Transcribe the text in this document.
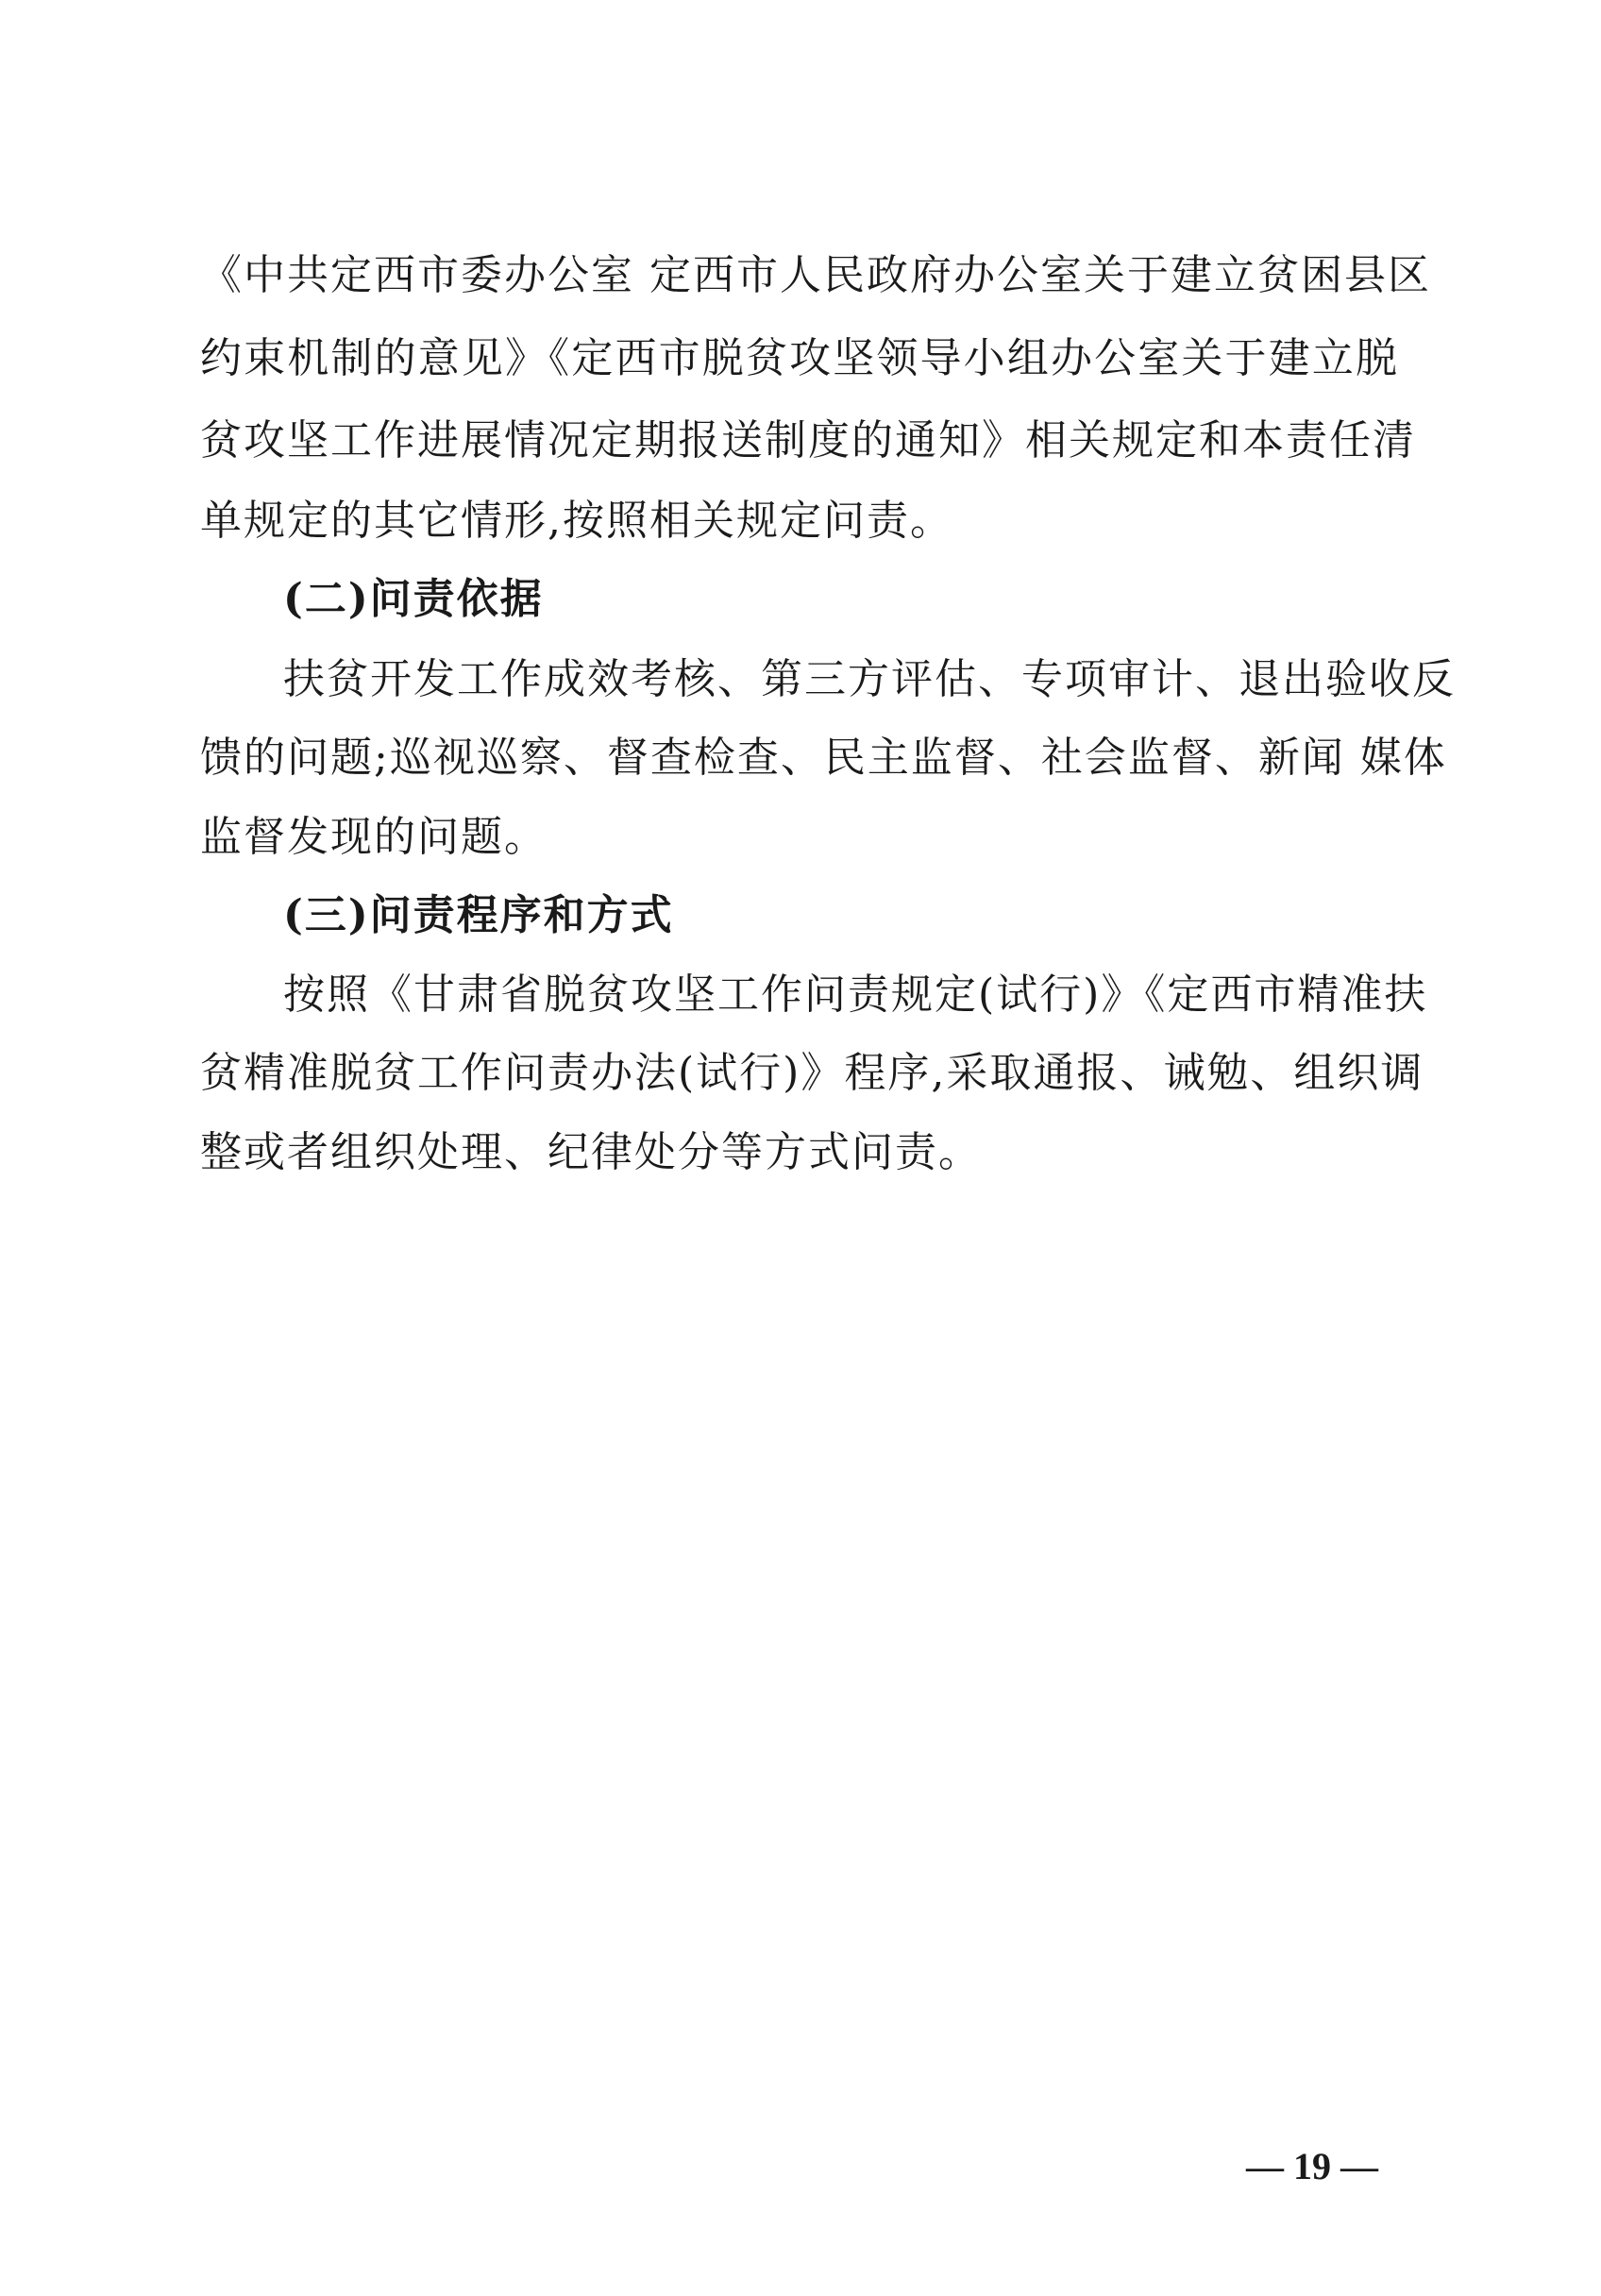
《中共定西市委办公室 定西市人民政府办公室关于建立贫困县区
约束机制的意见》《定西市脱贫攻坚领导小组办公室关于建立脱
贫攻坚工作进展情况定期报送制度的通知》相关规定和本责任清
单规定的其它情形,按照相关规定问责。
(二)问责依据
扶贫开发工作成效考核、第三方评估、专项审计、退出验收反
馈的问题;巡视巡察、督查检查、民主监督、社会监督、新闻 媒体
监督发现的问题。
(三)问责程序和方式
按照《甘肃省脱贫攻坚工作问责规定(试行)》《定西市精准扶
贫精准脱贫工作问责办法(试行)》程序,采取通报、诫勉、组织调
整或者组织处理、纪律处分等方式问责。
— 19 —
